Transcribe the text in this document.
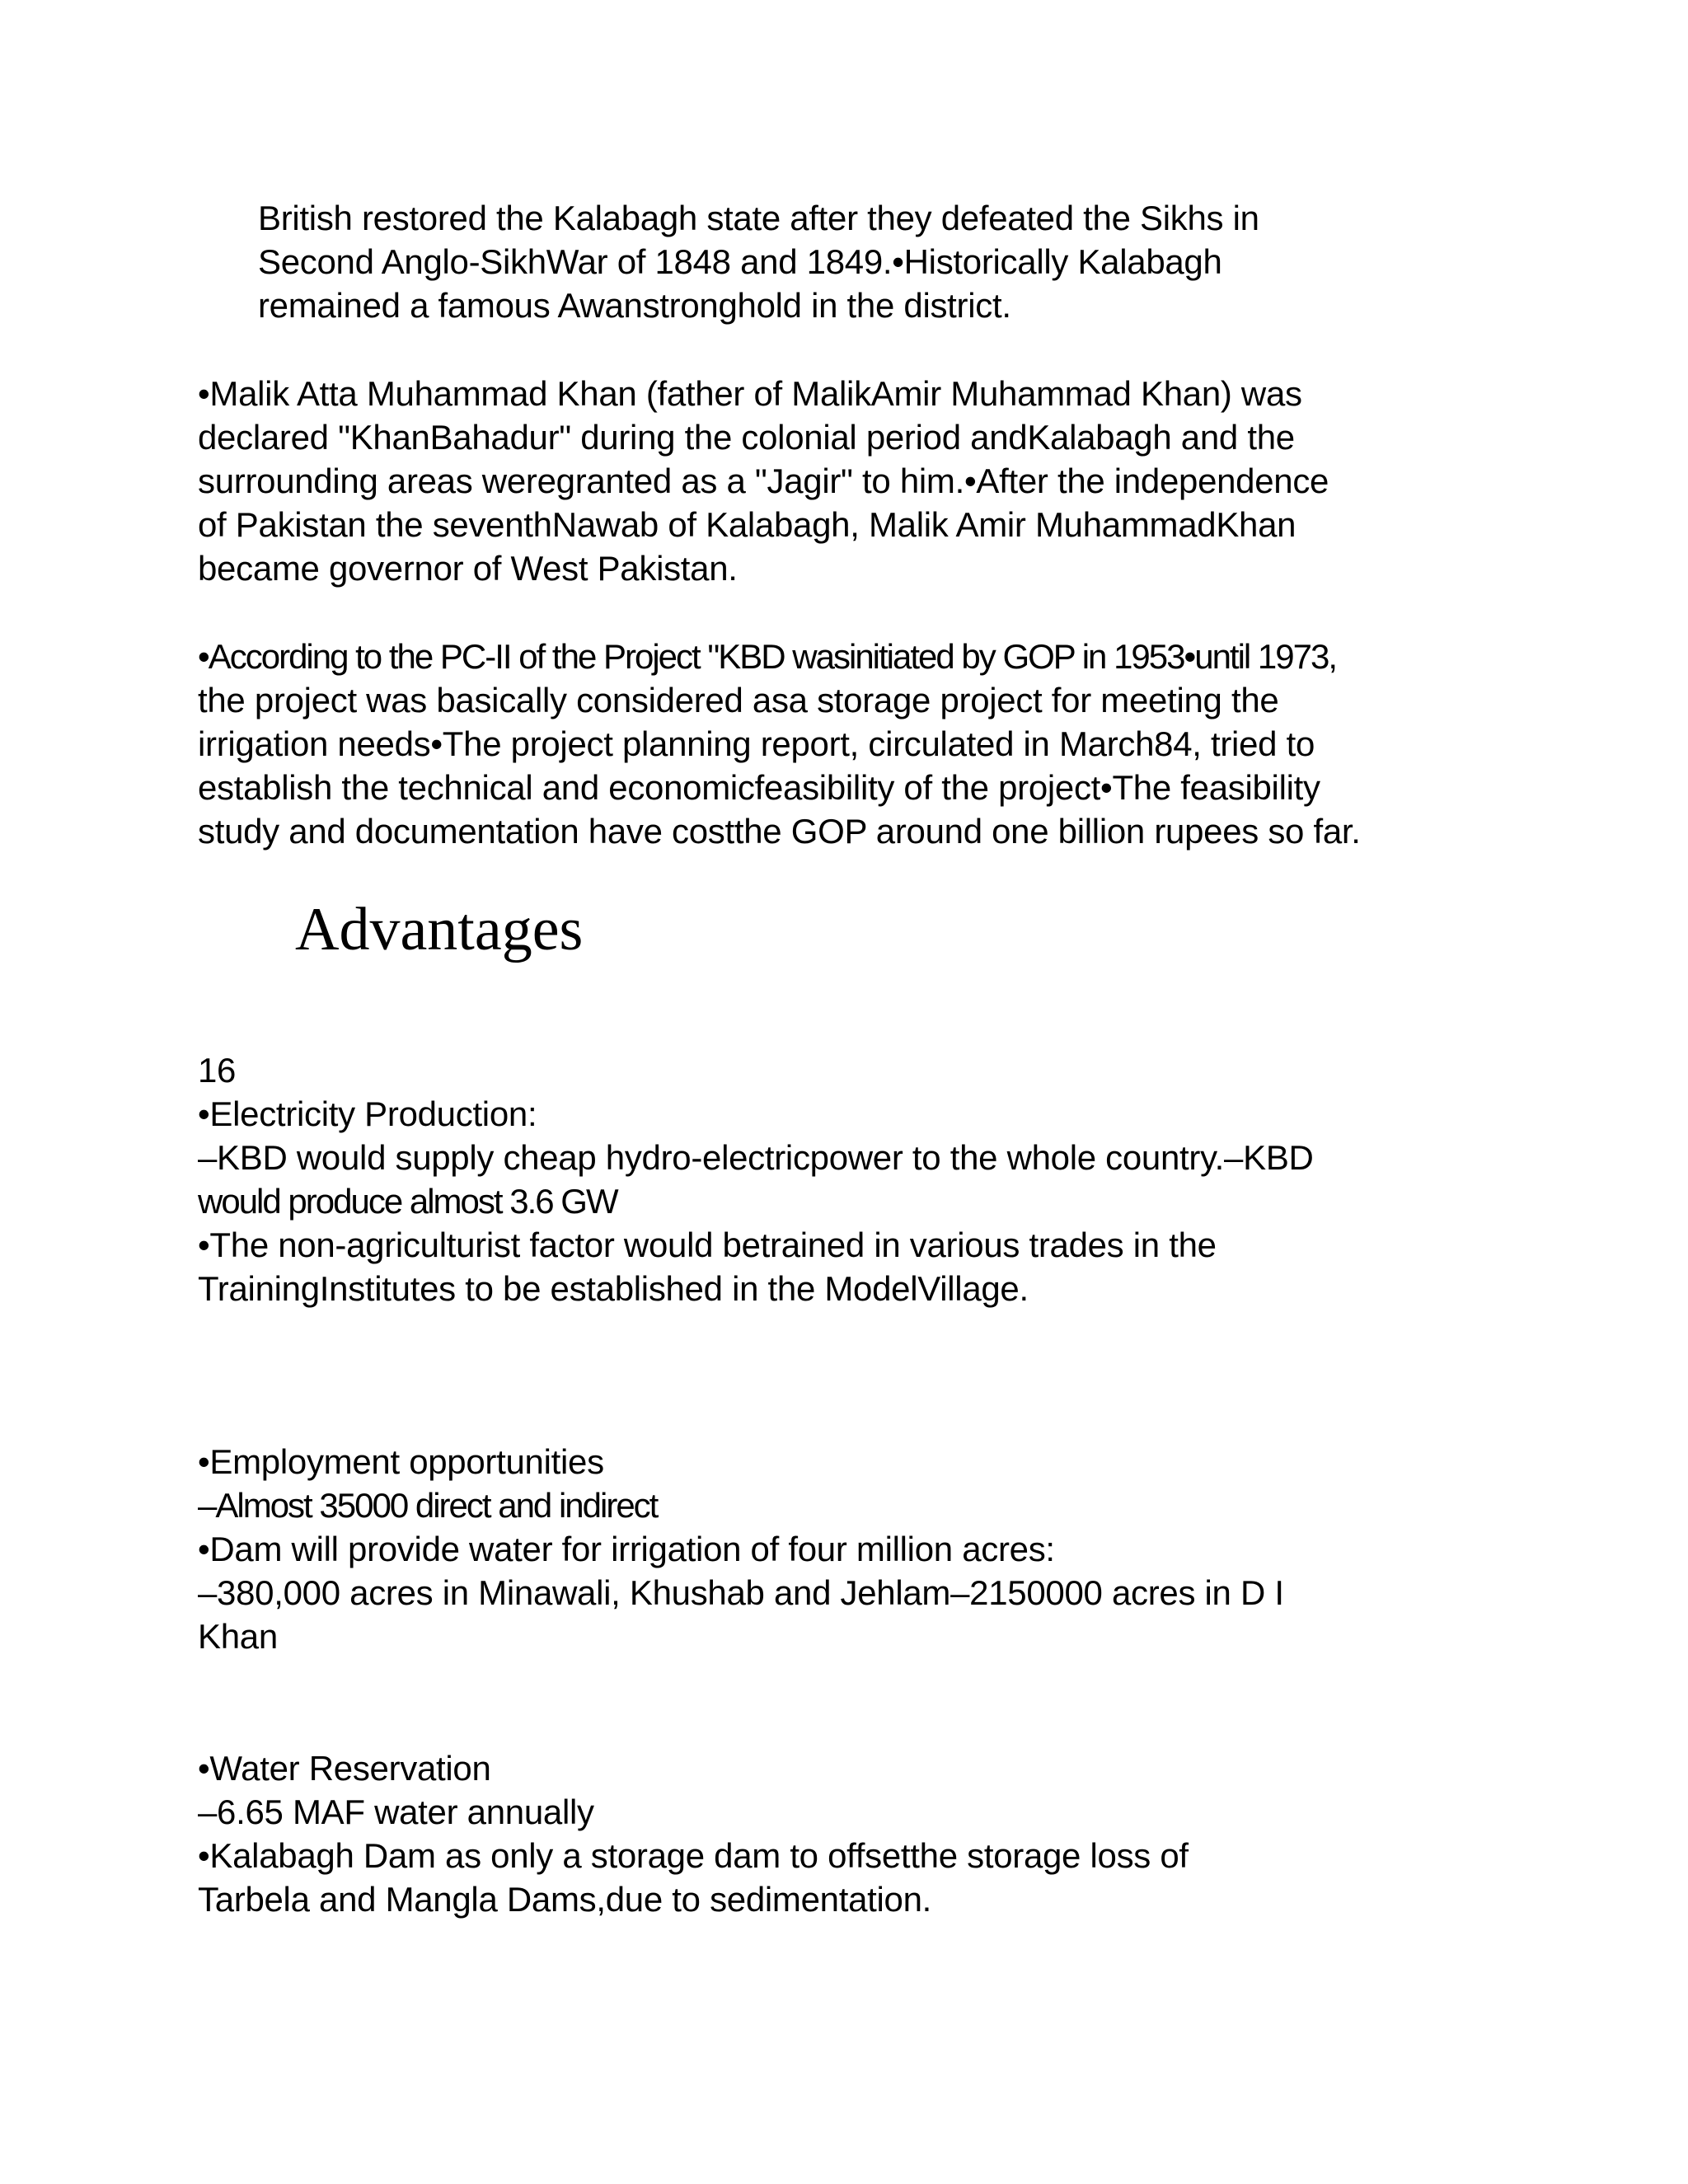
British restored the Kalabagh state after they defeated the Sikhs in
Second Anglo-SikhWar of 1848 and 1849.•Historically Kalabagh
remained a famous Awanstronghold in the district.
•Malik Atta Muhammad Khan (father of MalikAmir Muhammad Khan) was
declared "KhanBahadur" during the colonial period andKalabagh and the
surrounding areas weregranted as a "Jagir" to him.•After the independence
of Pakistan the seventhNawab of Kalabagh, Malik Amir MuhammadKhan
became governor of West Pakistan.
•According to the PC-II of the Project "KBD wasinitiated by GOP in 1953•until 1973,
the project was basically considered asa storage project for meeting the
irrigation needs•The project planning report, circulated in March84, tried to
establish the technical and economicfeasibility of the project•The feasibility
study and documentation have costthe GOP around one billion rupees so far.
Advantages
16
•Electricity Production:
–KBD would supply cheap hydro-electricpower to the whole country.–KBD
would produce almost 3.6 GW
•The non-agriculturist factor would betrained in various trades in the
TrainingInstitutes to be established in the ModelVillage.
•Employment opportunities
–Almost 35000 direct and indirect
•Dam will provide water for irrigation of four million acres:
–380,000 acres in Minawali, Khushab and Jehlam–2150000 acres in D I
Khan
•Water Reservation
–6.65 MAF water annually
•Kalabagh Dam as only a storage dam to offsetthe storage loss of
Tarbela and Mangla Dams,due to sedimentation.
